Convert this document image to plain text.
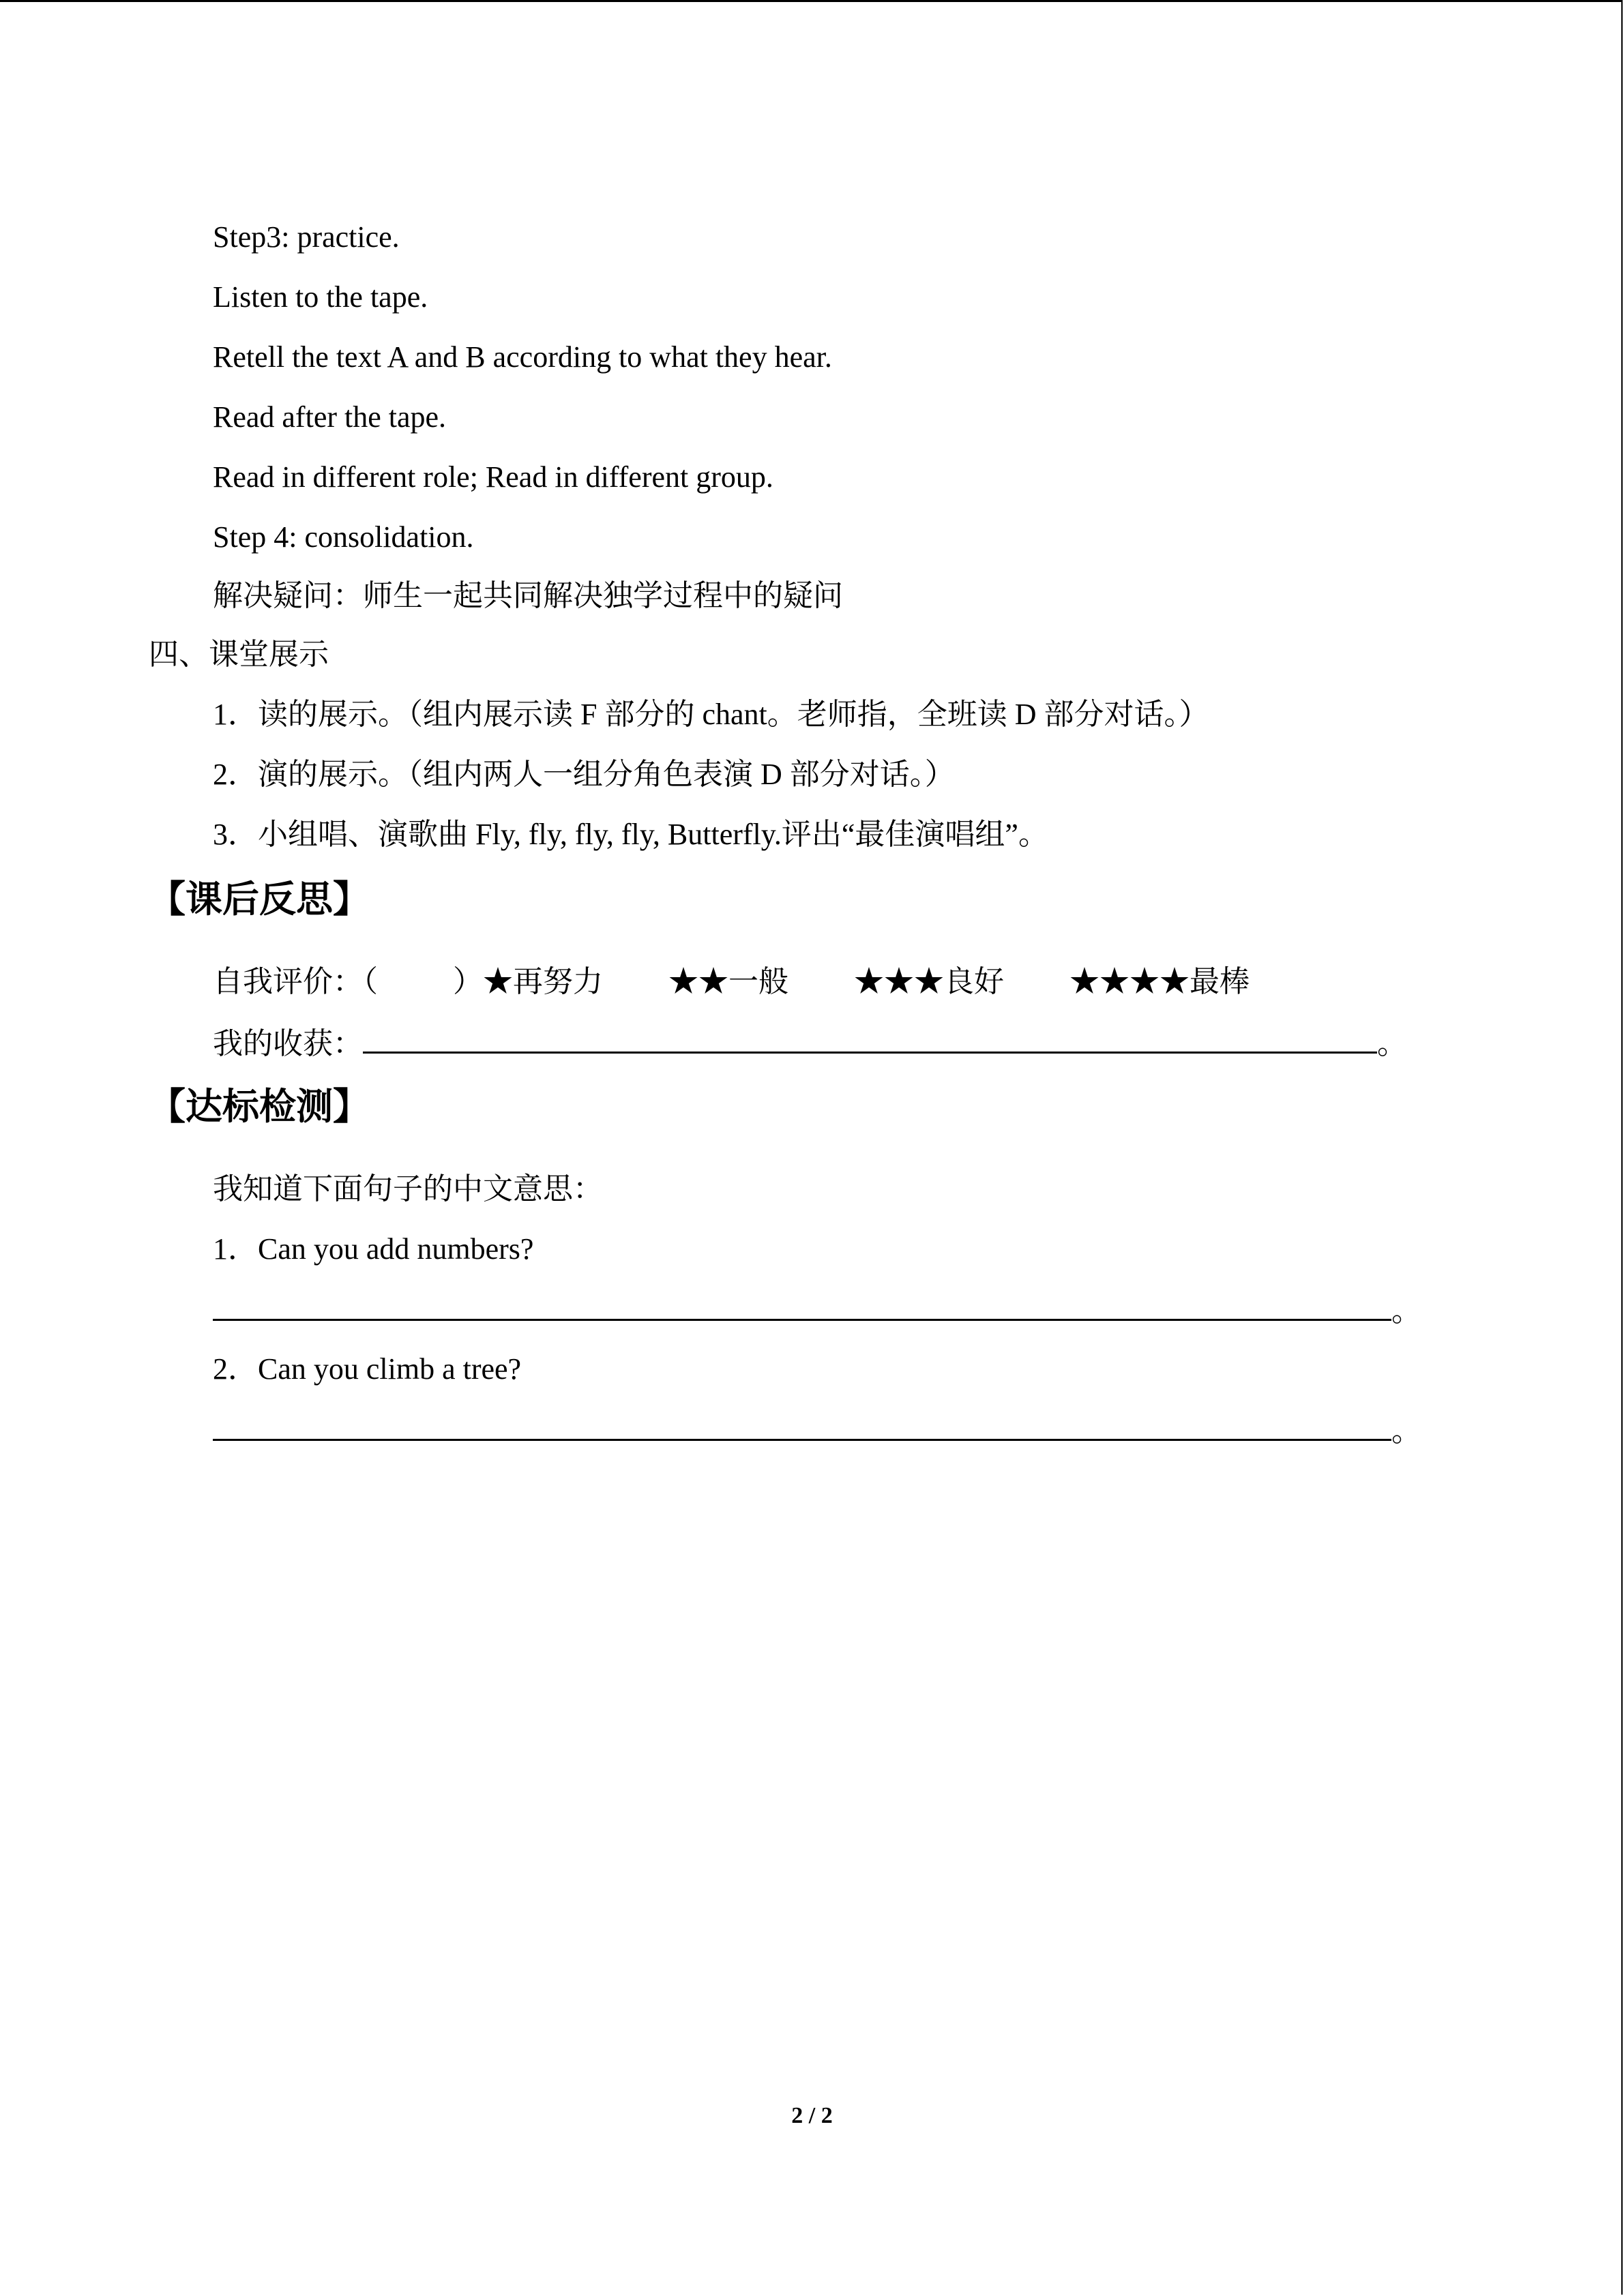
Step3: practice.
Listen to the tape.
Retell the text A and B according to what they hear.
Read after the tape.
Read in different role; Read in different group.
Step 4: consolidation.
解决疑问：师生一起共同解决独学过程中的疑问
四、课堂展示
1．读的展示。（组内展示读 F 部分的 chant。老师指，全班读 D 部分对话。）
2．演的展示。（组内两人一组分角色表演 D 部分对话。）
3．小组唱、演歌曲 Fly, fly, fly, fly, Butterfly.评出“最佳演唱组”。
【课后反思】
自我评价：（	）★再努力 ★★一般 ★★★良好 ★★★★最棒
我的收获：	。
【达标检测】
我知道下面句子的中文意思：
1．Can you add numbers?
。
2．Can you climb a tree?
。
2 / 2
